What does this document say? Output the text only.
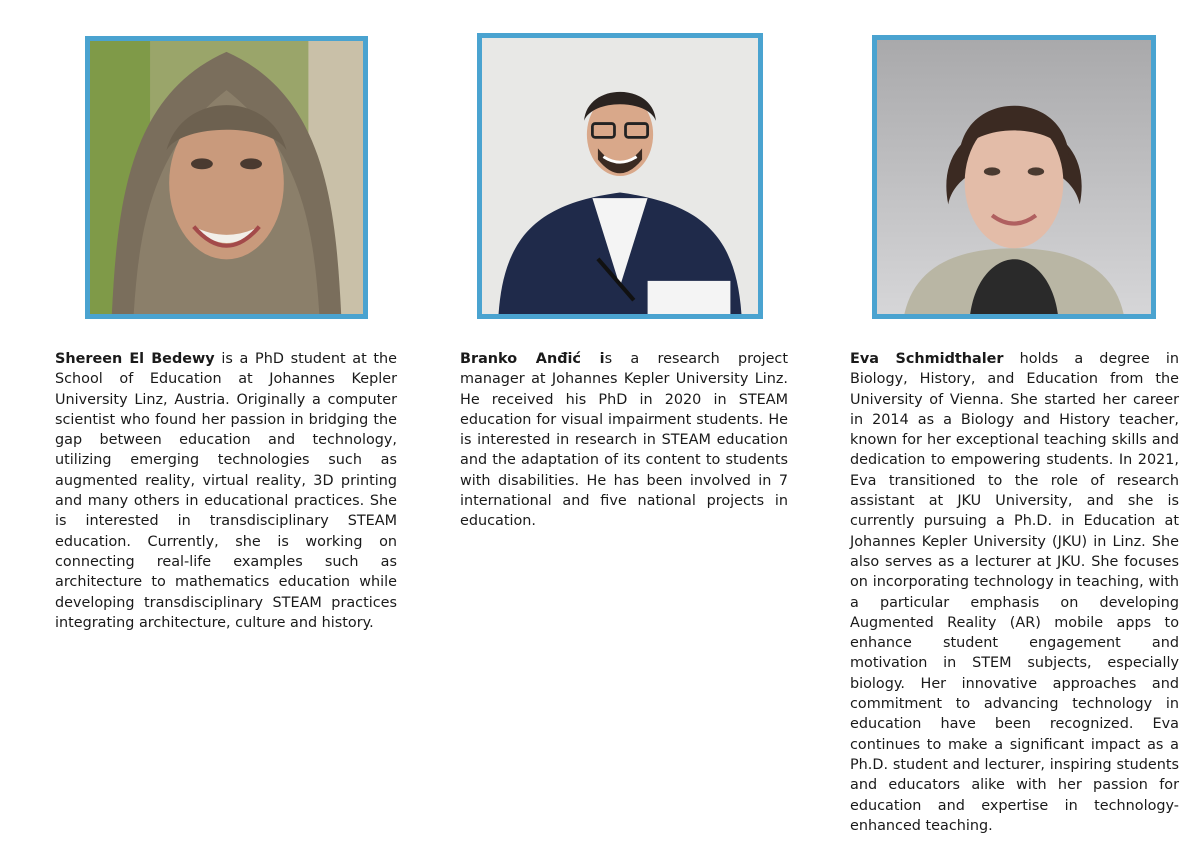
Shereen El Bedewy is a PhD student at the School of Education at Johannes Kepler University Linz, Austria. Originally a computer scientist who found her passion in bridging the gap between education and technology, utilizing emerging technologies such as augmented reality, virtual reality, 3D printing and many others in educational practices. She is interested in transdisciplinary STEAM education. Currently, she is working on connecting real-life examples such as architecture to mathematics education while developing transdisciplinary STEAM practices integrating architecture, culture and history.

Branko Anđić is a research project manager at Johannes Kepler University Linz. He received his PhD in 2020 in STEAM education for visual impairment students. He is interested in research in STEAM education and the adaptation of its content to students with disabilities. He has been involved in 7 international and five national projects in education.

Eva Schmidthaler holds a degree in Biology, History, and Education from the University of Vienna. She started her career in 2014 as a Biology and History teacher, known for her exceptional teaching skills and dedication to empowering students. In 2021, Eva transitioned to the role of research assistant at JKU University, and she is currently pursuing a Ph.D. in Education at Johannes Kepler University (JKU) in Linz. She also serves as a lecturer at JKU. She focuses on incorporating technology in teaching, with a particular emphasis on developing Augmented Reality (AR) mobile apps to enhance student engagement and motivation in STEM subjects, especially biology. Her innovative approaches and commitment to advancing technology in education have been recognized. Eva continues to make a significant impact as a Ph.D. student and lecturer, inspiring students and educators alike with her passion for education and expertise in technology-enhanced teaching.
